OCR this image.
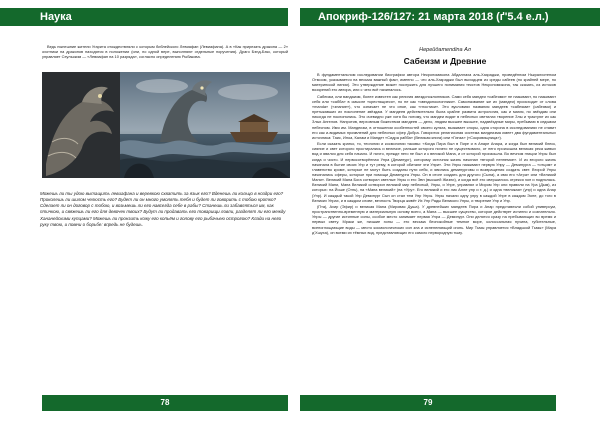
Наука

Ведь нынешние жители Угарита отождествляли с которым библейского Левиафан (Левиафана). А в «Как прирезать дракона — 2» охотники на драконов находятся в положении (или, по одной вере, выполняют отдельные поручения). Драго Бэнд-Бэкс, который управляет Сеульским — «Левиафан на 10 разряда», согласно определению Рыбакова.

Можешь ли ты удою вытащить левиафана и веревкою схватить за язык его? Вденешь ли кольцо в ноздри его? Проколешь ли шилом челюсть его? Будет ли он много умолять тебя и будет ли говорить с тобою кротко? Сделает ли он договор с тобою, и возьмешь ли его навсегда себе в рабы? Станешь ли забавляться им, как птичкою, и свяжешь ли его для девочек твоих? Будут ли продавать его товарищи ловли, разделят ли его между Хананейскими купцами? Можешь ли пронзить кожу его копьём и голову его рыбачьею острогою? Клади на него руку твою, и помни о борьбе: впредь не будешь.

78
Апокриф-126/127: 21 марта 2018 (ґ'5.4 е.л.)
Нерейдаmendina Ал
Сабеизм и Древние

В фундаментальном исследовании биографии автора Некрономикона Абдаллаха аль-Хазраджи, проведённом Нькралхотепом Отмоом, указывается на весьма важный факт, именно — что аль-Хазраджи был выходцем из среды сабеев (по крайней мере, по материнской линии). Это утверждение может послужить для лучшего понимания текстов Некрономикона, так сказать, из истоков воззрений его автора, или с чего всё начиналось.

Сабеизм, или вандаизм, более известен как религия звездопоклонников. Сами себя мандеи «сабеями» не называют, но называют себя или «сабба» в смысле «крестящиеся», но не как «звездопоклонники». Самоназвание же их (мандеи) происходит от слова «manda» («знание»), что означает не что иное, как «гностики». Это вусловиях названия мандеев «сабеями» (сабеями) и претыкавших их поклонение звёздам. У мандеев действительно была крайне развита астрология, как и магия, но звёздам они никогда не поклонялись. Это очевидно уже хотя бы потому, что мандеи видят в небесных светилах творение Злы и трактуют их как Злых Ангелов. Напротив, верховным божеством мандеев — дело, людям высшее высшее, надзвёздные миры, пребываю в седьмом небесном. Имя им. Мандеизм, в отношении особенностей своего культа, вызывает споры, одна сторона в исследованиях не ставит его как и-видимых проявлений для небесных сфер Добра. Говорится религиозная система мандеизма имеет два фундаментальных источника: Таис, Иноа, Калам и Мандет «Сидра рабба» (Великая книга) или «Гинза» («Сокровищница»).

Если сказать кратко, то, теогонии и космогонии таковы: «Когда Пира был в Пире и в Анаре Анара, и когда был великий блеск, сияние и свет которого простирались и величие, раньше которого ничего не существовало, от него произошла великая река живых вод и явился для себя начало. И ничто, прежде него не был и к великой Мана, и от которой произошла. Во вечном гниции Упры был когда и чисто. И первосотворённая Упра (Деминург), которому источник жизнь начинал «второй неннемое». И из второго жизнь начинала в бытие своих Упр и тут рему, в которой обитают эти Упри». Эти Упры называют первую Упру — Деминурга — «отцом» и главенство кроме, которые не могут быть созданы пути себя, и явились деминурговы и возвращения создать свет. Второй Упры начинались сферы, которые при помощи Деминурга Упры. Он в итоге создать для другого (Сына), а имя его «Атра» или «Великий Мани». Великий Мана Бога сотворил светлые Упры и его Эвн (высшей Жизни), и когда всё это свершилось отрекся эон и поднялась. Великий Мани, Мана Великий сотворил великий мир небесный, Упры, и Упре, управлял и Миром Упр они правили на Ура (Дым), из которых: на Йоше (Огнь), на «Мана великий» (на «Уру». Его великий и его лик Алле упр и т. д.) и одна «великая» (упр) и одна Анар (Упр). И каждый такой Упр Деминург Сын он стал тем Упр Упры. Упры начали одну упру в каждой Упре в каждом Эоне, до того в Великих Упрах, и в каждом слове, вечность Творца живёт Их Упр Рады Великого Упры, и творение Упр и Упр.

(Пта), Ахир (Эфир) и великая Мана (Мировая Душа). У древнейших мандеев Пира и Анар представляли собой универсум, пространственно-временную и материальную основу всего, а Мана — высшее существо, которое действует истинно и сознательно. Упры — другие истинные силы, особое место занимает первая Упра — Деминург. Они делятся сразу на пребывающих во время и первых свету. Мраки же, низшие эоны — это весьма беспокойные темное море, колоссальная пучина, губительные, всепоглощающие воды — место космологических сил зла и испепеляющий огонь. Мир Тьмы управляется «Владыкой Тьмы» (Мара д'Хшуха), он всеми их тёмных вод, представляющих его самого первородную тьму.

79
